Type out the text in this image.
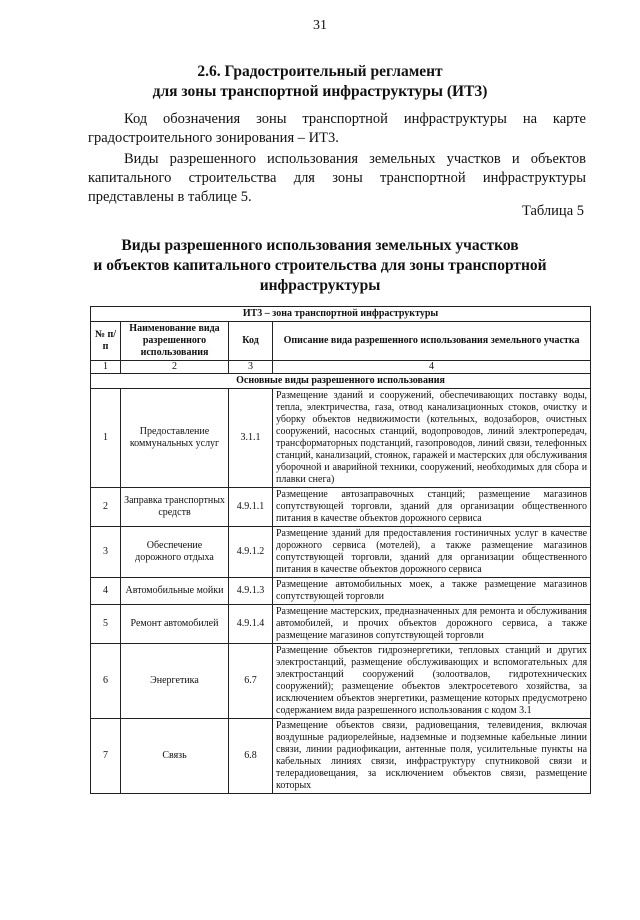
31
2.6. Градостроительный регламент
для зоны транспортной инфраструктуры (ИТ3)
Код обозначения зоны транспортной инфраструктуры на карте градостроительного зонирования – ИТ3.
Виды разрешенного использования земельных участков и объектов капитального строительства для зоны транспортной инфраструктуры представлены в таблице 5.
Таблица 5
Виды разрешенного использования земельных участков
и объектов капитального строительства для зоны транспортной
инфраструктуры
ИТ3 – зона транспортной инфраструктуры			
№ п/п	Наименование вида разрешенного использования	Код	Описание вида разрешенного использования земельного участка
1	2	3	4
Основные виды разрешенного использования			
1	Предоставление коммунальных услуг	3.1.1	Размещение зданий и сооружений, обеспечивающих поставку воды, тепла, электричества, газа, отвод канализационных стоков, очистку и уборку объектов недвижимости (котельных, водозаборов, очистных сооружений, насосных станций, водопроводов, линий электропередач, трансформаторных подстанций, газопроводов, линий связи, телефонных станций, канализаций, стоянок, гаражей и мастерских для обслуживания уборочной и аварийной техники, сооружений, необходимых для сбора и плавки снега)
2	Заправка транспортных средств	4.9.1.1	Размещение автозаправочных станций; размещение магазинов сопутствующей торговли, зданий для организации общественного питания в качестве объектов дорожного сервиса
3	Обеспечение дорожного отдыха	4.9.1.2	Размещение зданий для предоставления гостиничных услуг в качестве дорожного сервиса (мотелей), а также размещение магазинов сопутствующей торговли, зданий для организации общественного питания в качестве объектов дорожного сервиса
4	Автомобильные мойки	4.9.1.3	Размещение автомобильных моек, а также размещение магазинов сопутствующей торговли
5	Ремонт автомобилей	4.9.1.4	Размещение мастерских, предназначенных для ремонта и обслуживания автомобилей, и прочих объектов дорожного сервиса, а также размещение магазинов сопутствующей торговли
6	Энергетика	6.7	Размещение объектов гидроэнергетики, тепловых станций и других электростанций, размещение обслуживающих и вспомогательных для электростанций сооружений (золоотвалов, гидротехнических сооружений); размещение объектов электросетевого хозяйства, за исключением объектов энергетики, размещение которых предусмотрено содержанием вида разрешенного использования с кодом 3.1
7	Связь	6.8	Размещение объектов связи, радиовещания, телевидения, включая воздушные радиорелейные, надземные и подземные кабельные линии связи, линии радиофикации, антенные поля, усилительные пункты на кабельных линиях связи, инфраструктуру спутниковой связи и телерадиовещания, за исключением объектов связи, размещение которых
